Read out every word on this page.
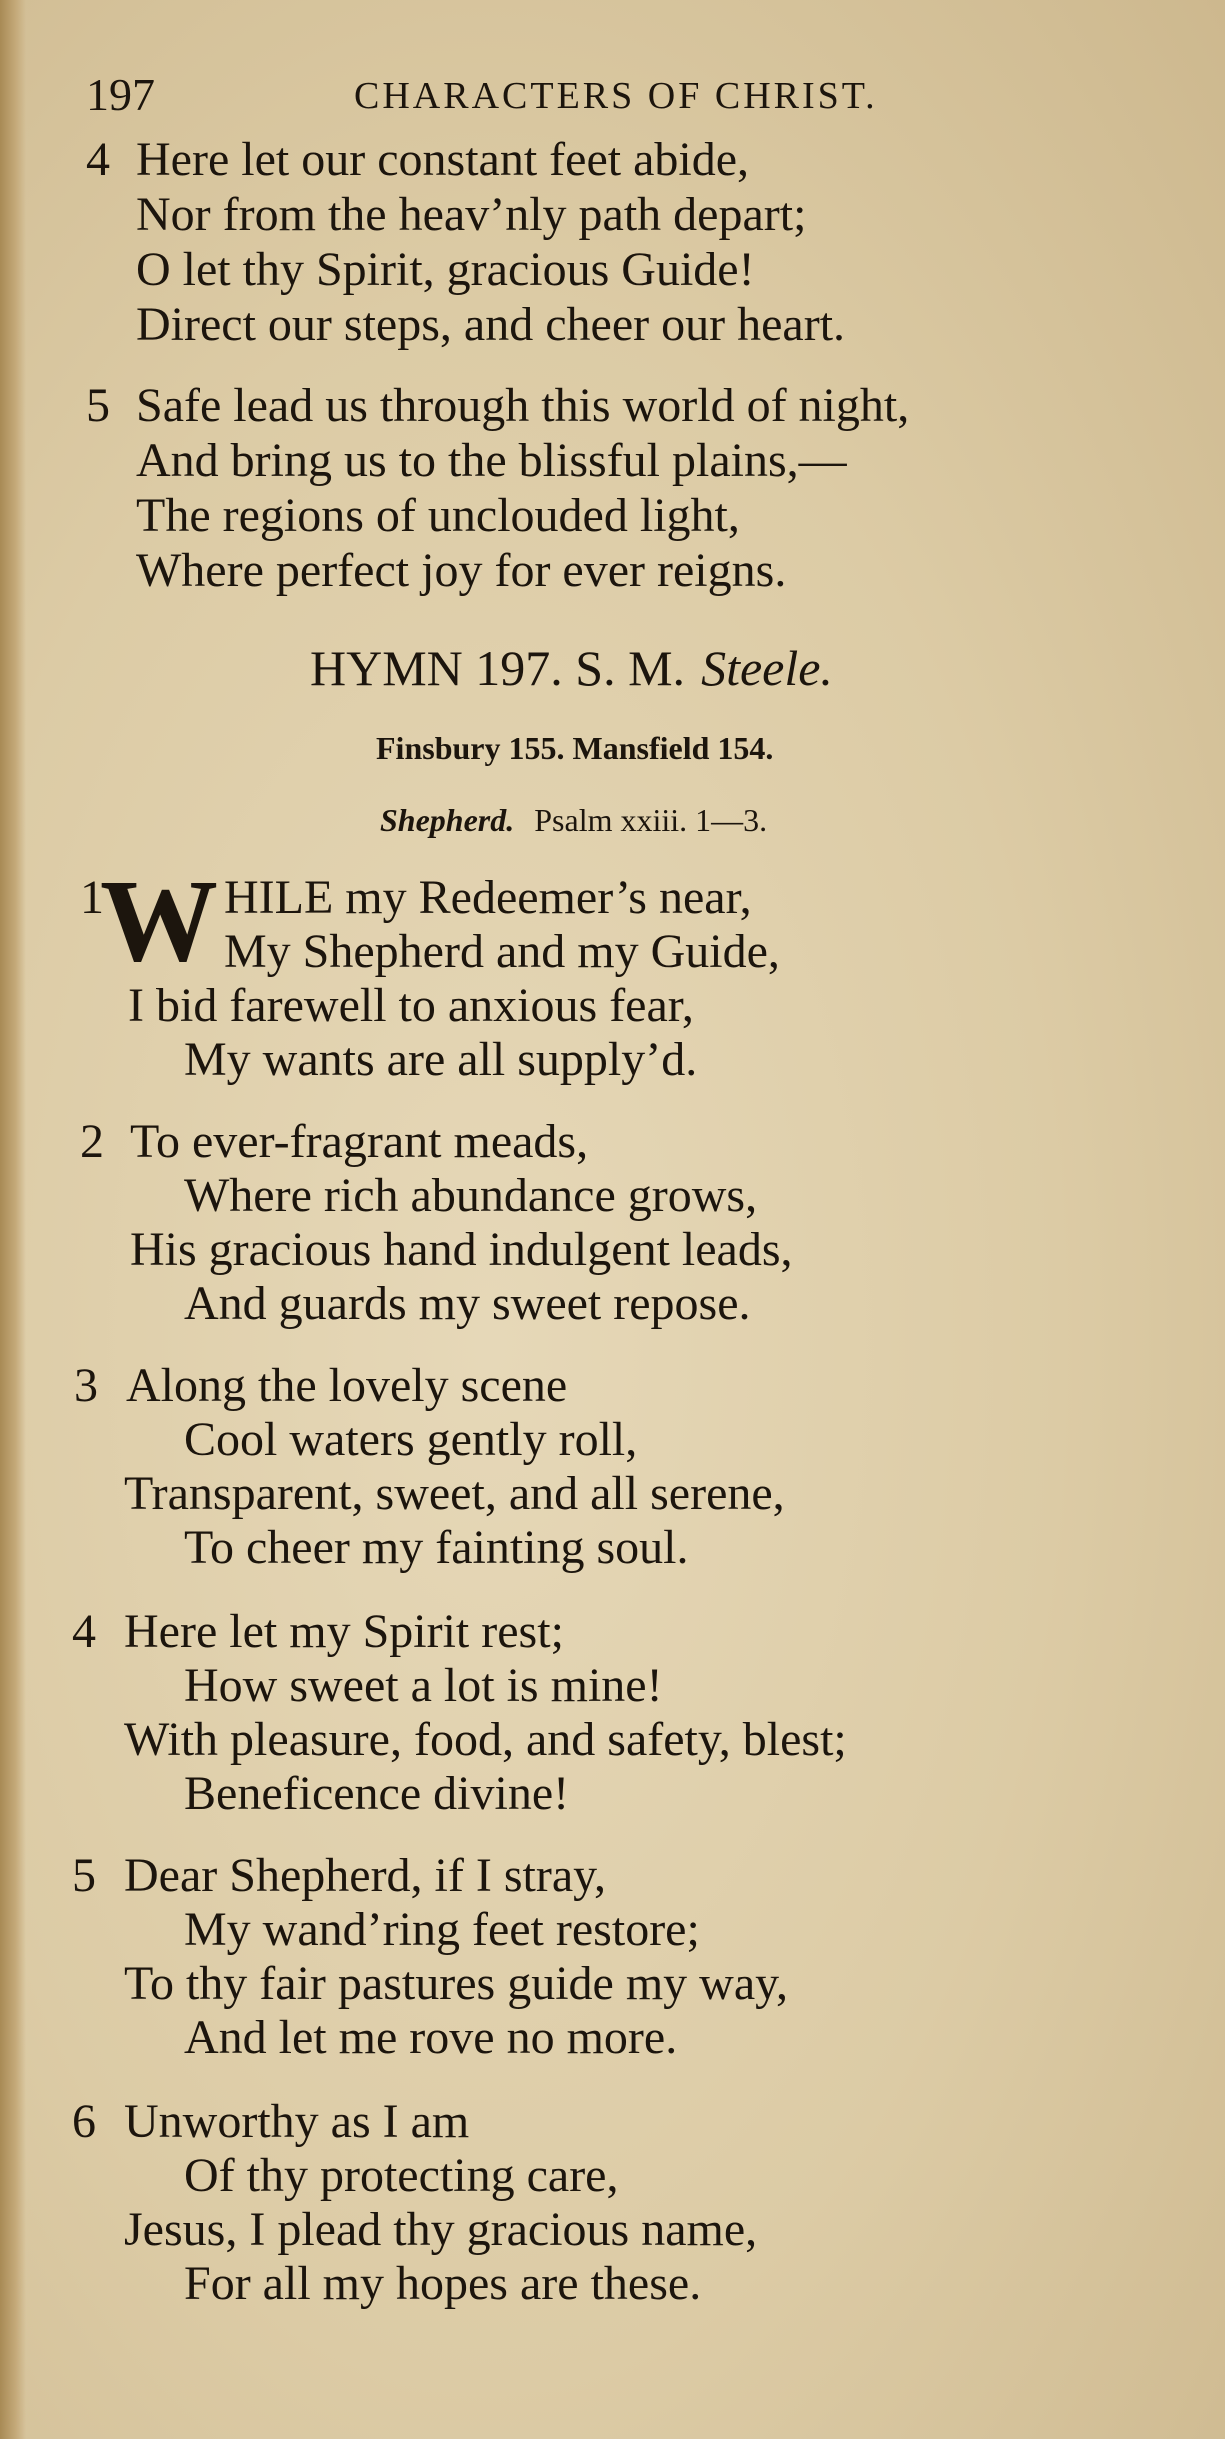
197	CHARACTERS OF CHRIST.
4 Here let our constant feet abide,
Nor from the heav’nly path depart;
O let thy Spirit, gracious Guide!
Direct our steps, and cheer our heart.
5 Safe lead us through this world of night,
And bring us to the blissful plains,—
The regions of unclouded light,
Where perfect joy for ever reigns.
HYMN 197. S. M. Steele.
Finsbury 155. Mansfield 154.
Shepherd. Psalm xxiii. 1—3.
1
W HILE my Redeemer’s near,
My Shepherd and my Guide,
I bid farewell to anxious fear,
My wants are all supply’d.
2 To ever-fragrant meads,
Where rich abundance grows,
His gracious hand indulgent leads,
And guards my sweet repose.
3 Along the lovely scene
Cool waters gently roll,
Transparent, sweet, and all serene,
To cheer my fainting soul.
4 Here let my Spirit rest;
How sweet a lot is mine!
With pleasure, food, and safety, blest;
Beneficence divine!
5 Dear Shepherd, if I stray,
My wand’ring feet restore;
To thy fair pastures guide my way,
And let me rove no more.
6 Unworthy as I am
Of thy protecting care,
Jesus, I plead thy gracious name,
For all my hopes are these.
